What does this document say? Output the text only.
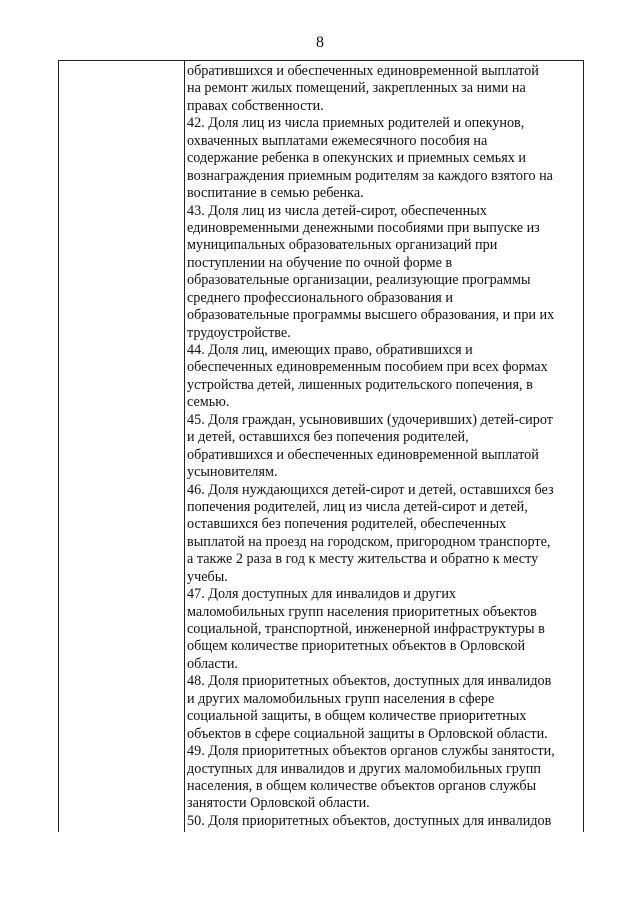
8
обратившихся и обеспеченных единовременной выплатой
на ремонт жилых помещений, закрепленных за ними на
правах собственности.
42. Доля лиц из числа приемных родителей и опекунов,
охваченных выплатами ежемесячного пособия на
содержание ребенка в опекунских и приемных семьях и
вознаграждения приемным родителям за каждого взятого на
воспитание в семью ребенка.
43. Доля лиц из числа детей-сирот, обеспеченных
единовременными денежными пособиями при выпуске из
муниципальных образовательных организаций при
поступлении на обучение по очной форме в
образовательные организации, реализующие программы
среднего профессионального образования и
образовательные программы высшего образования, и при их
трудоустройстве.
44. Доля лиц, имеющих право, обратившихся и
обеспеченных единовременным пособием при всех формах
устройства детей, лишенных родительского попечения, в
семью.
45. Доля граждан, усыновивших (удочеривших) детей-сирот
и детей, оставшихся без попечения родителей,
обратившихся и обеспеченных единовременной выплатой
усыновителям.
46. Доля нуждающихся детей-сирот и детей, оставшихся без
попечения родителей, лиц из числа детей-сирот и детей,
оставшихся без попечения родителей, обеспеченных
выплатой на проезд на городском, пригородном транспорте,
а также 2 раза в год к месту жительства и обратно к месту
учебы.
47. Доля доступных для инвалидов и других
маломобильных групп населения приоритетных объектов
социальной, транспортной, инженерной инфраструктуры в
общем количестве приоритетных объектов в Орловской
области.
48. Доля приоритетных объектов, доступных для инвалидов
и других маломобильных групп населения в сфере
социальной защиты, в общем количестве приоритетных
объектов в сфере социальной защиты в Орловской области.
49. Доля приоритетных объектов органов службы занятости,
доступных для инвалидов и других маломобильных групп
населения, в общем количестве объектов органов службы
занятости Орловской области.
50. Доля приоритетных объектов, доступных для инвалидов
